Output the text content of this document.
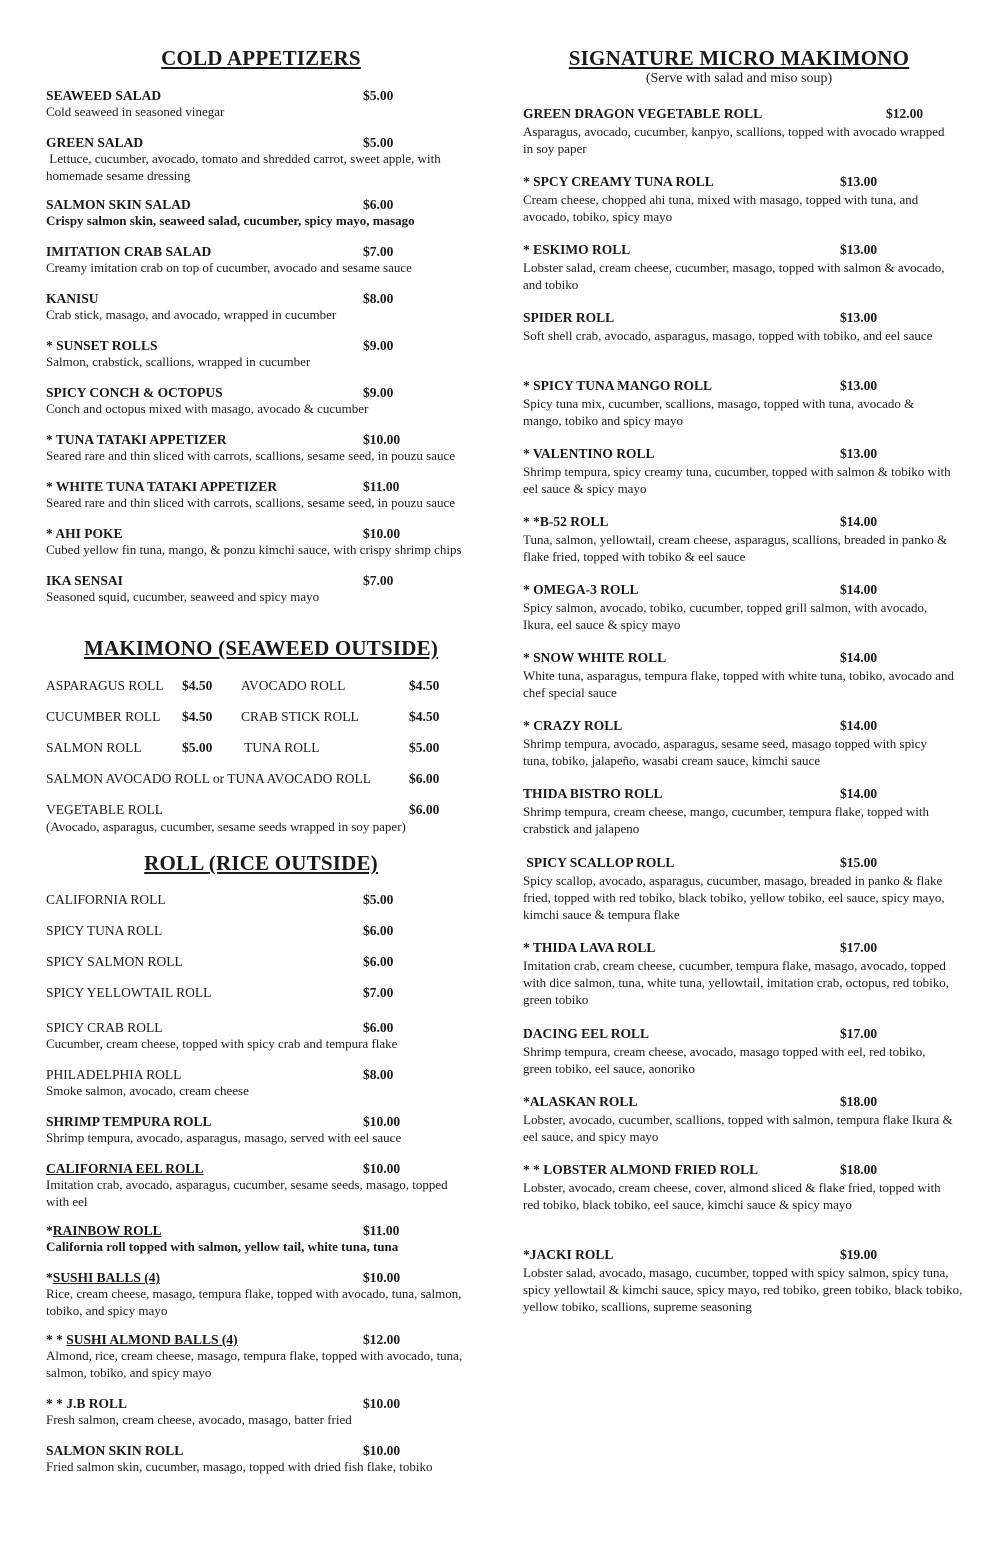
COLD APPETIZERS
SEAWEED SALAD	$5.00
Cold seaweed in seasoned vinegar
GREEN SALAD	$5.00
Lettuce, cucumber, avocado, tomato and shredded carrot, sweet apple, with homemade sesame dressing
SALMON SKIN SALAD	$6.00
Crispy salmon skin, seaweed salad, cucumber, spicy mayo, masago
IMITATION CRAB SALAD	$7.00
Creamy imitation crab on top of cucumber, avocado and sesame sauce
KANISU	$8.00
Crab stick, masago, and avocado, wrapped in cucumber
* SUNSET ROLLS	$9.00
Salmon, crabstick, scallions, wrapped in cucumber
SPICY CONCH & OCTOPUS	$9.00
Conch and octopus mixed with masago, avocado & cucumber
* TUNA TATAKI APPETIZER	$10.00
Seared rare and thin sliced with carrots, scallions, sesame seed, in pouzu sauce
* WHITE TUNA TATAKI APPETIZER	$11.00
Seared rare and thin sliced with carrots, scallions, sesame seed, in pouzu sauce
* AHI POKE	$10.00
Cubed yellow fin tuna, mango, & ponzu kimchi sauce, with crispy shrimp chips
IKA SENSAI	$7.00
Seasoned squid, cucumber, seaweed and spicy mayo
MAKIMONO (SEAWEED OUTSIDE)
ASPARAGUS ROLL $4.50 AVOCADO ROLL	$4.50
CUCUMBER ROLL $4.50 CRAB STICK ROLL	$4.50
SALMON ROLL	$5.00 TUNA ROLL	$5.00
SALMON AVOCADO ROLL or TUNA AVOCADO ROLL	$6.00
VEGETABLE ROLL	$6.00
(Avocado, asparagus, cucumber, sesame seeds wrapped in soy paper)
ROLL (RICE OUTSIDE)
CALIFORNIA ROLL	$5.00
SPICY TUNA ROLL	$6.00
SPICY SALMON ROLL	$6.00
SPICY YELLOWTAIL ROLL	$7.00
SPICY CRAB ROLL	$6.00
Cucumber, cream cheese, topped with spicy crab and tempura flake
PHILADELPHIA ROLL	$8.00
Smoke salmon, avocado, cream cheese
SHRIMP TEMPURA ROLL	$10.00
Shrimp tempura, avocado, asparagus, masago, served with eel sauce
CALIFORNIA EEL ROLL	$10.00
Imitation crab, avocado, asparagus, cucumber, sesame seeds, masago, topped with eel
*RAINBOW ROLL	$11.00
California roll topped with salmon, yellow tail, white tuna, tuna
*SUSHI BALLS (4)	$10.00
Rice, cream cheese, masago, tempura flake, topped with avocado, tuna, salmon, tobiko, and spicy mayo
* * SUSHI ALMOND BALLS (4)	$12.00
Almond, rice, cream cheese, masago, tempura flake, topped with avocado, tuna, salmon, tobiko, and spicy mayo
* * J.B ROLL	$10.00
Fresh salmon, cream cheese, avocado, masago, batter fried
SALMON SKIN ROLL	$10.00
Fried salmon skin, cucumber, masago, topped with dried fish flake, tobiko
SIGNATURE MICRO MAKIMONO
(Serve with salad and miso soup)
GREEN DRAGON VEGETABLE ROLL	$12.00
Asparagus, avocado, cucumber, kanpyo, scallions, topped with avocado wrapped in soy paper
* SPCY CREAMY TUNA ROLL	$13.00
Cream cheese, chopped ahi tuna, mixed with masago, topped with tuna, and avocado, tobiko, spicy mayo
* ESKIMO ROLL	$13.00
Lobster salad, cream cheese, cucumber, masago, topped with salmon & avocado, and tobiko
SPIDER ROLL	$13.00
Soft shell crab, avocado, asparagus, masago, topped with tobiko, and eel sauce
* SPICY TUNA MANGO ROLL	$13.00
Spicy tuna mix, cucumber, scallions, masago, topped with tuna, avocado & mango, tobiko and spicy mayo
* VALENTINO ROLL	$13.00
Shrimp tempura, spicy creamy tuna, cucumber, topped with salmon & tobiko with eel sauce & spicy mayo
* *B-52 ROLL	$14.00
Tuna, salmon, yellowtail, cream cheese, asparagus, scallions, breaded in panko & flake fried, topped with tobiko & eel sauce
* OMEGA-3 ROLL	$14.00
Spicy salmon, avocado, tobiko, cucumber, topped grill salmon, with avocado, Ikura, eel sauce & spicy mayo
* SNOW WHITE ROLL	$14.00
White tuna, asparagus, tempura flake, topped with white tuna, tobiko, avocado and chef special sauce
* CRAZY ROLL	$14.00
Shrimp tempura, avocado, asparagus, sesame seed, masago topped with spicy tuna, tobiko, jalapeño, wasabi cream sauce, kimchi sauce
THIDA BISTRO ROLL	$14.00
Shrimp tempura, cream cheese, mango, cucumber, tempura flake, topped with crabstick and jalapeno
SPICY SCALLOP ROLL	$15.00
Spicy scallop, avocado, asparagus, cucumber, masago, breaded in panko & flake fried, topped with red tobiko, black tobiko, yellow tobiko, eel sauce, spicy mayo, kimchi sauce & tempura flake
* THIDA LAVA ROLL	$17.00
Imitation crab, cream cheese, cucumber, tempura flake, masago, avocado, topped with dice salmon, tuna, white tuna, yellowtail, imitation crab, octopus, red tobiko, green tobiko
DACING EEL ROLL	$17.00
Shrimp tempura, cream cheese, avocado, masago topped with eel, red tobiko, green tobiko, eel sauce, aonoriko
*ALASKAN ROLL	$18.00
Lobster, avocado, cucumber, scallions, topped with salmon, tempura flake Ikura & eel sauce, and spicy mayo
* * LOBSTER ALMOND FRIED ROLL	$18.00
Lobster, avocado, cream cheese, cover, almond sliced & flake fried, topped with red tobiko, black tobiko, eel sauce, kimchi sauce & spicy mayo
*JACKI ROLL	$19.00
Lobster salad, avocado, masago, cucumber, topped with spicy salmon, spicy tuna, spicy yellowtail & kimchi sauce, spicy mayo, red tobiko, green tobiko, black tobiko, yellow tobiko, scallions, supreme seasoning
